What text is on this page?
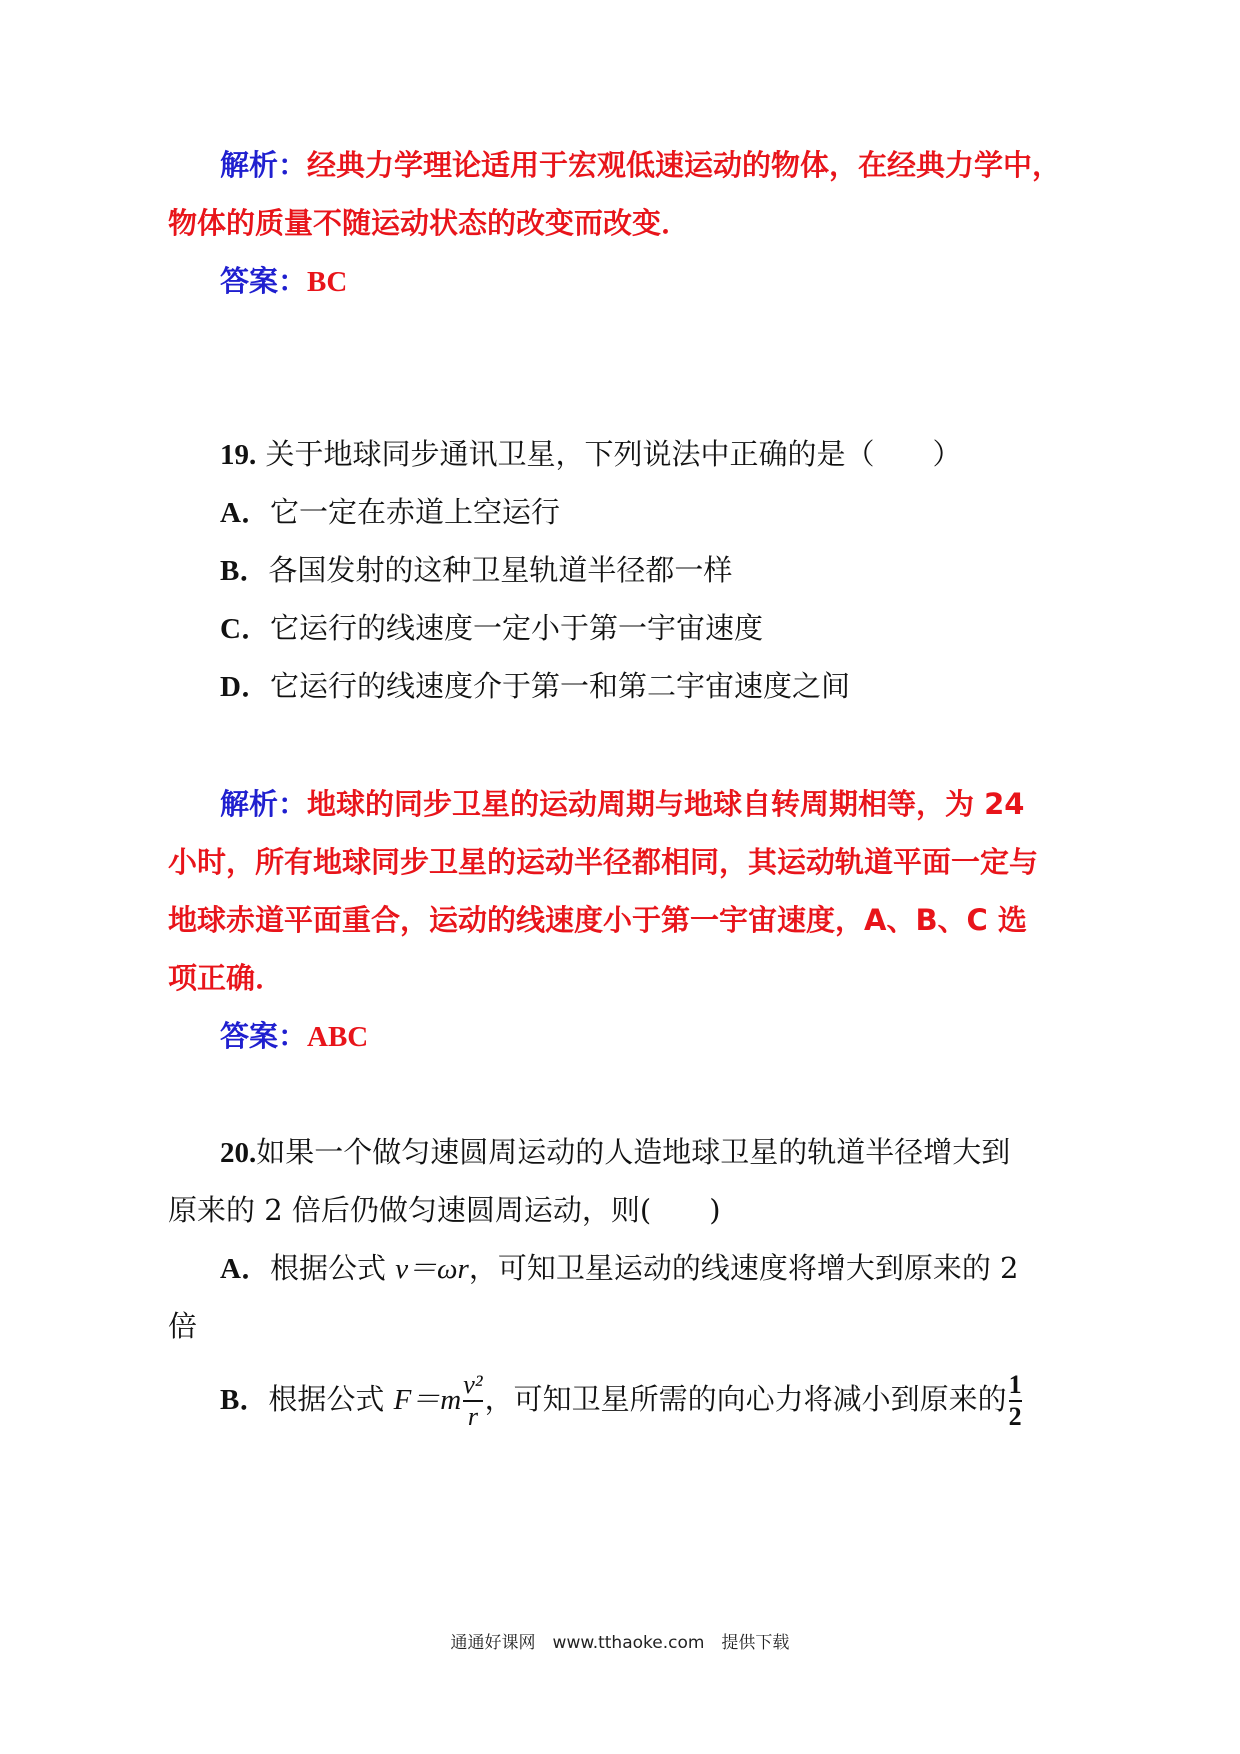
解析：经典力学理论适用于宏观低速运动的物体，在经典力学中，
物体的质量不随运动状态的改变而改变．
答案：BC
19. 关于地球同步通讯卫星，下列说法中正确的是（　　）
A．它一定在赤道上空运行
B．各国发射的这种卫星轨道半径都一样
C．它运行的线速度一定小于第一宇宙速度
D．它运行的线速度介于第一和第二宇宙速度之间
解析：地球的同步卫星的运动周期与地球自转周期相等，为 24
小时，所有地球同步卫星的运动半径都相同，其运动轨道平面一定与
地球赤道平面重合，运动的线速度小于第一宇宙速度，A、B、C 选
项正确．
答案：ABC
20.如果一个做匀速圆周运动的人造地球卫星的轨道半径增大到
原来的 2 倍后仍做匀速圆周运动，则(　　)
A．根据公式 v＝ωr，可知卫星运动的线速度将增大到原来的 2
倍
B．根据公式 $F=m \frac{\text{v²}}{r}$ ，可知卫星所需的向心力将减小到原来的 $\frac{1}{2}$
通通好课网　www.tthaoke.com　提供下载
